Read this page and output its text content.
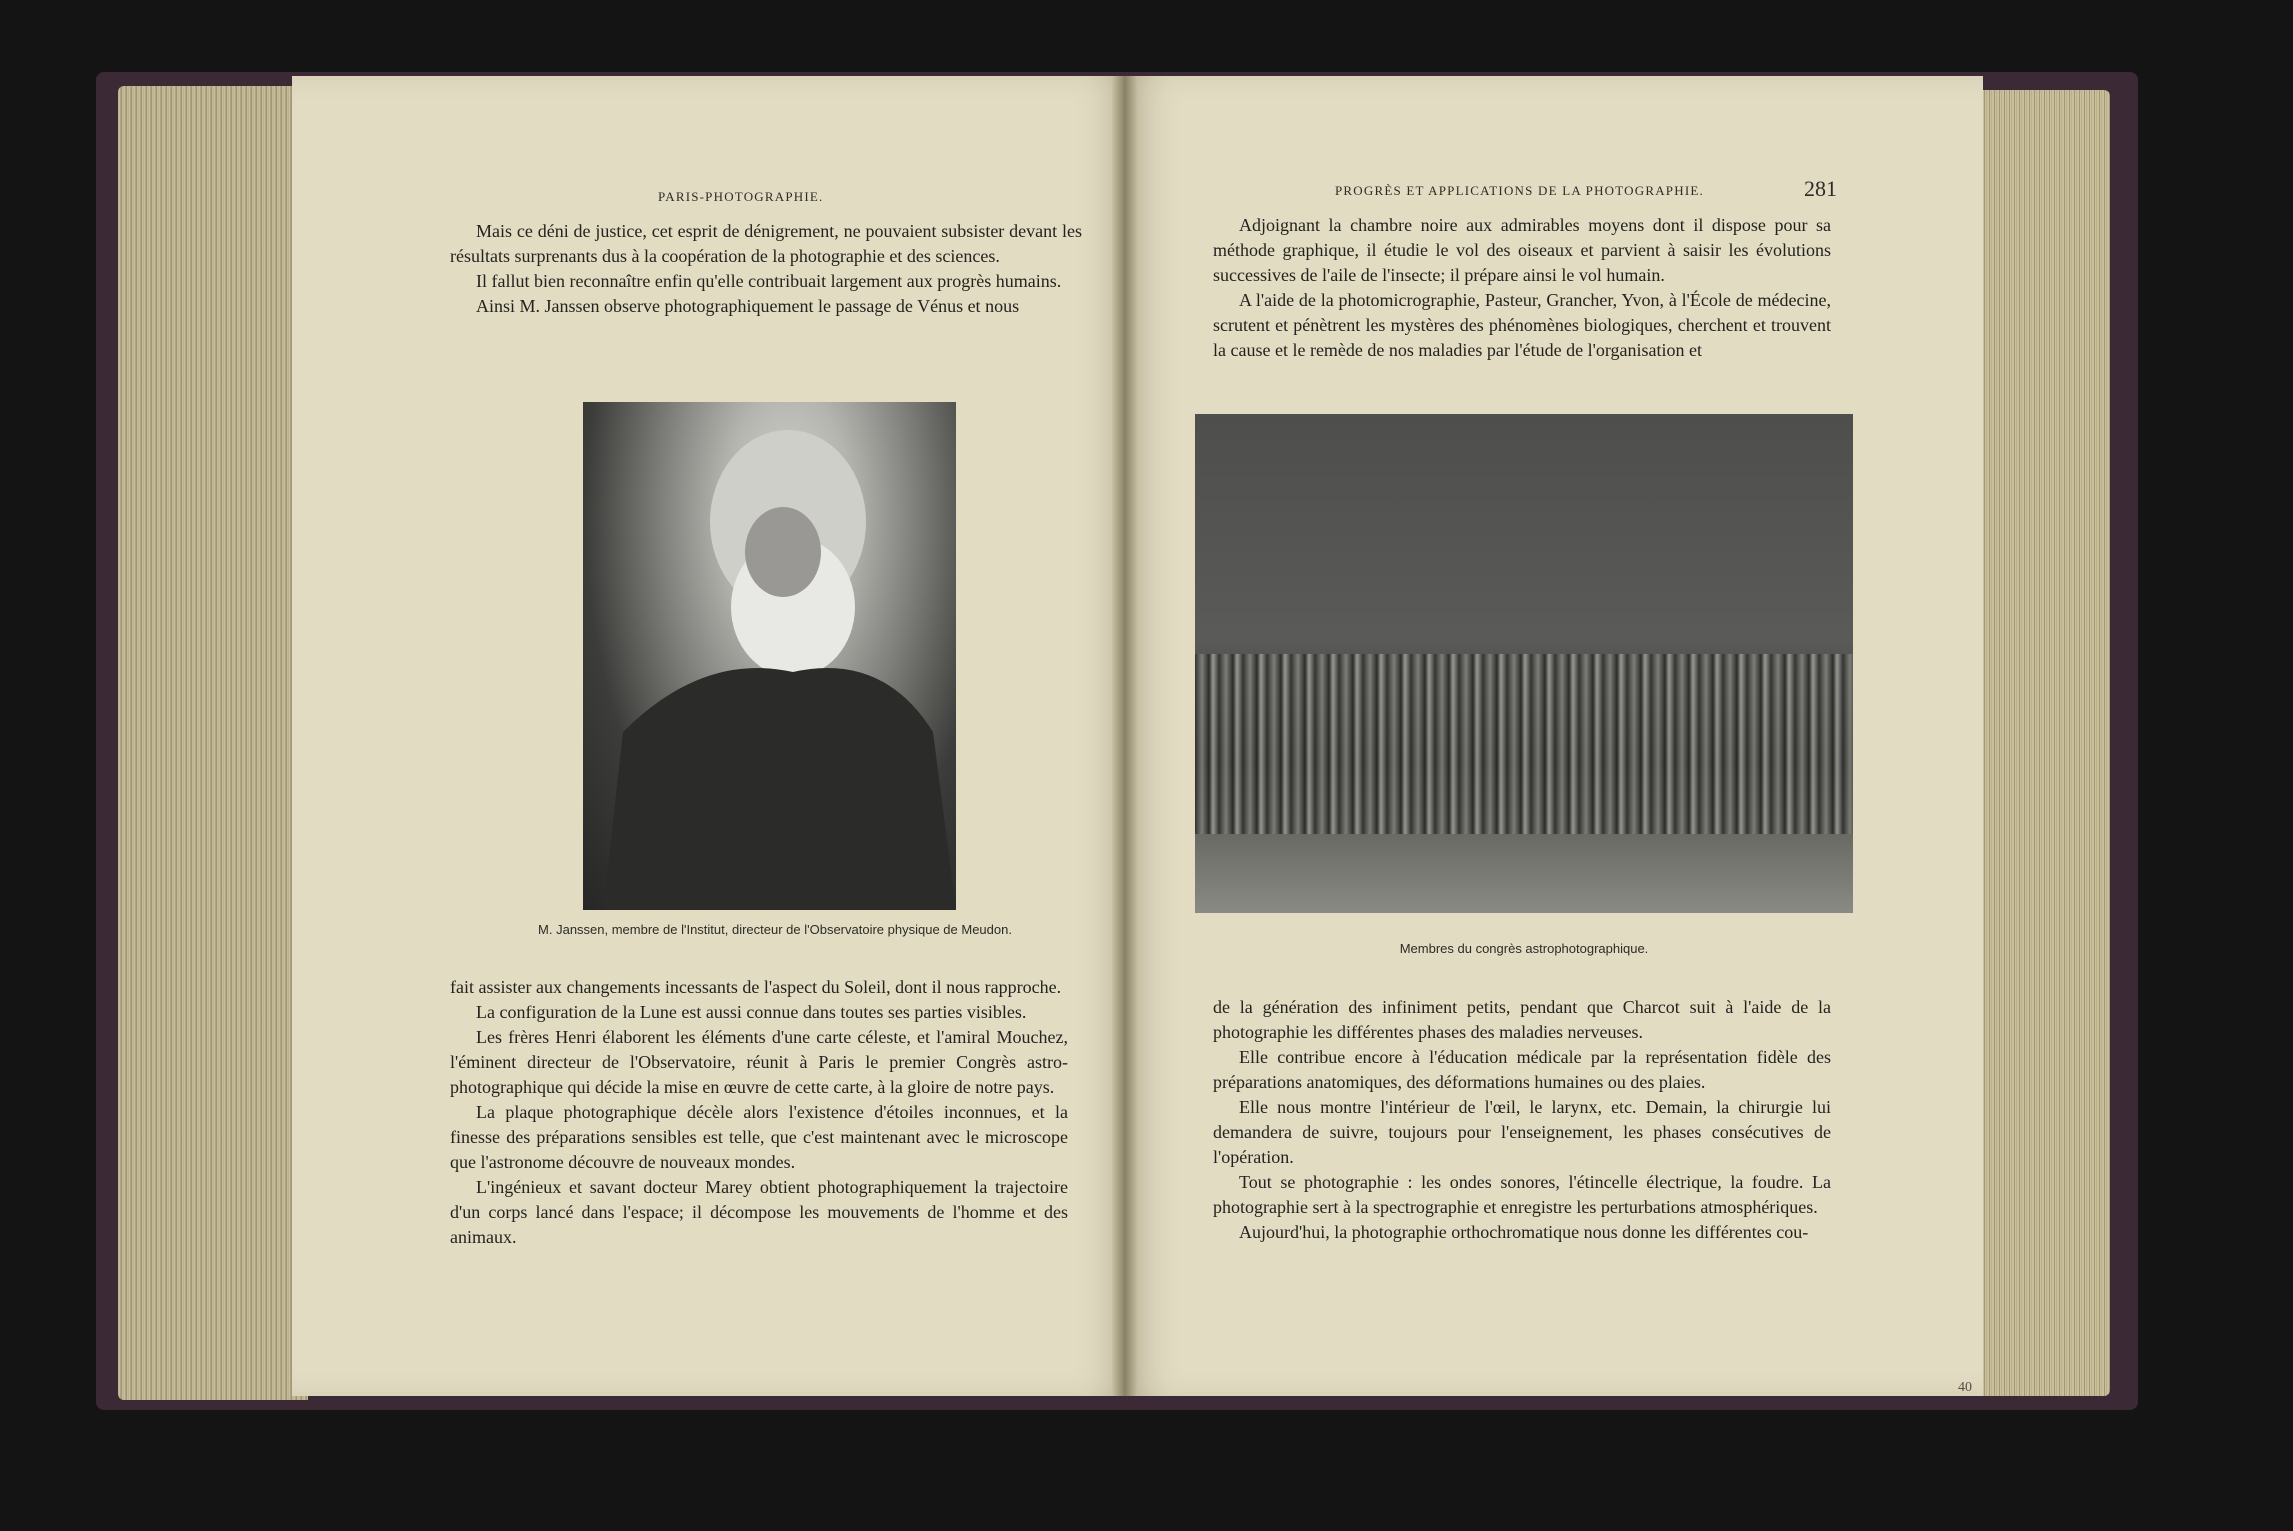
PARIS-PHOTOGRAPHIE.

Mais ce déni de justice, cet esprit de dénigrement, ne pouvaient subsister devant les résultats surprenants dus à la coopération de la photographie et des sciences.

Il fallut bien reconnaître enfin qu'elle contribuait largement aux progrès humains.

Ainsi M. Janssen observe photographiquement le passage de Vénus et nous

M. Janssen, membre de l'Institut, directeur de l'Observatoire physique de Meudon.

fait assister aux changements incessants de l'aspect du Soleil, dont il nous rapproche.

La configuration de la Lune est aussi connue dans toutes ses parties visibles.

Les frères Henri élaborent les éléments d'une carte céleste, et l'amiral Mouchez, l'éminent directeur de l'Observatoire, réunit à Paris le premier Congrès astro-photographique qui décide la mise en œuvre de cette carte, à la gloire de notre pays.

La plaque photographique décèle alors l'existence d'étoiles inconnues, et la finesse des préparations sensibles est telle, que c'est maintenant avec le microscope que l'astronome découvre de nouveaux mondes.

L'ingénieux et savant docteur Marey obtient photographiquement la trajectoire d'un corps lancé dans l'espace; il décompose les mouvements de l'homme et des animaux.

PROGRÈS ET APPLICATIONS DE LA PHOTOGRAPHIE.	281

Adjoignant la chambre noire aux admirables moyens dont il dispose pour sa méthode graphique, il étudie le vol des oiseaux et parvient à saisir les évolutions successives de l'aile de l'insecte; il prépare ainsi le vol humain.

A l'aide de la photomicrographie, Pasteur, Grancher, Yvon, à l'École de médecine, scrutent et pénètrent les mystères des phénomènes biologiques, cherchent et trouvent la cause et le remède de nos maladies par l'étude de l'organisation et

Membres du congrès astrophotographique.

de la génération des infiniment petits, pendant que Charcot suit à l'aide de la photographie les différentes phases des maladies nerveuses.

Elle contribue encore à l'éducation médicale par la représentation fidèle des préparations anatomiques, des déformations humaines ou des plaies.

Elle nous montre l'intérieur de l'œil, le larynx, etc. Demain, la chirurgie lui demandera de suivre, toujours pour l'enseignement, les phases consécutives de l'opération.

Tout se photographie : les ondes sonores, l'étincelle électrique, la foudre. La photographie sert à la spectrographie et enregistre les perturbations atmosphériques.

Aujourd'hui, la photographie orthochromatique nous donne les différentes cou-

40
